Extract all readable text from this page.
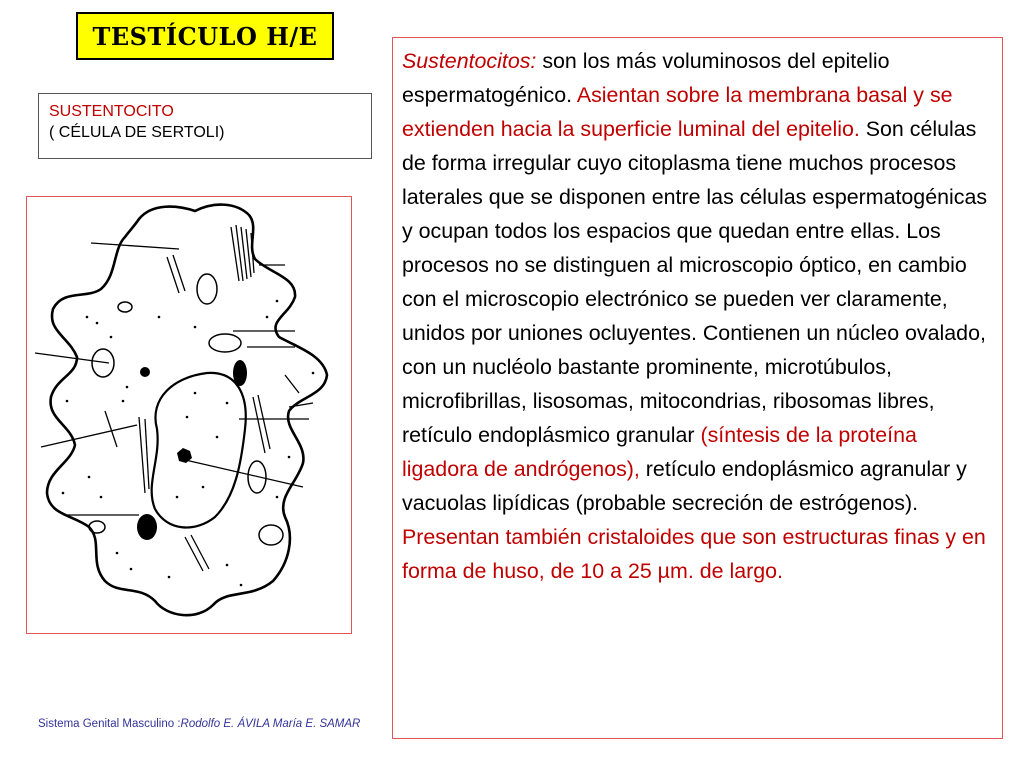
TESTÍCULO H/E
SUSTENTOCITO
( CÉLULA DE SERTOLI)
Sustentocitos: son los más voluminosos del epitelio espermatogénico. Asientan sobre la membrana basal y se extienden hacia la superficie luminal del epitelio. Son células de forma irregular cuyo citoplasma tiene muchos procesos laterales que se disponen entre las células espermatogénicas y ocupan todos los espacios que quedan entre ellas. Los procesos no se distinguen al microscopio óptico, en cambio con el microscopio electrónico se pueden ver claramente, unidos por uniones ocluyentes. Contienen un núcleo ovalado, con un nucléolo bastante prominente, microtúbulos, microfibrillas, lisosomas, mitocondrias, ribosomas libres, retículo endoplásmico granular (síntesis de la proteína ligadora de andrógenos), retículo endoplásmico agranular y vacuolas lipídicas (probable secreción de estrógenos). Presentan también cristaloides que son estructuras finas y en forma de huso, de 10 a 25 µm. de largo.
Sistema Genital Masculino :Rodolfo E. ÁVILA María E. SAMAR
